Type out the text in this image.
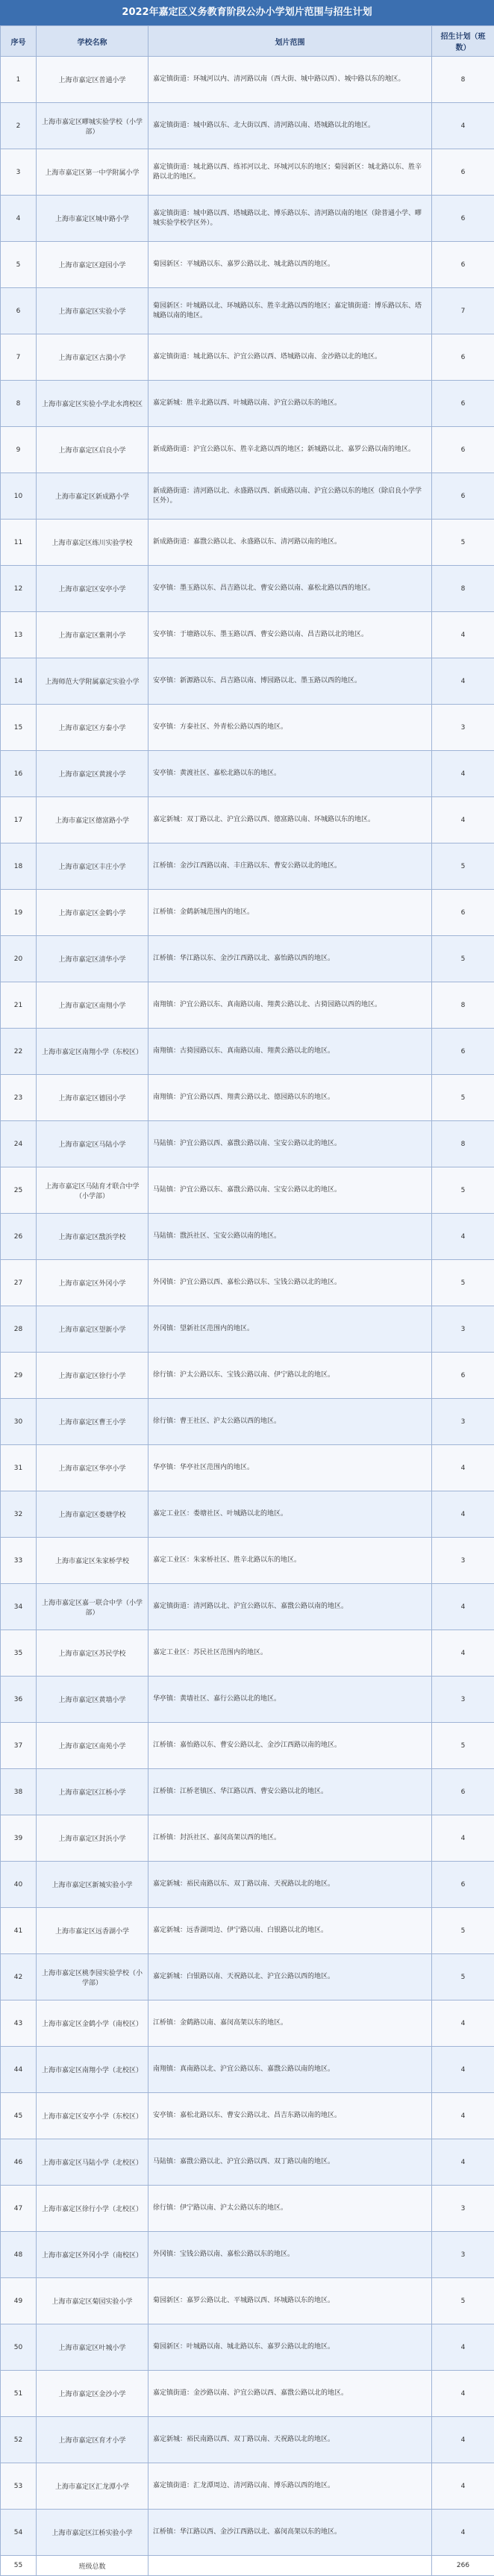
2022年嘉定区义务教育阶段公办小学划片范围与招生计划
序号	学校名称	划片范围	招生计划（班数）
1	上海市嘉定区普通小学	嘉定镇街道：环城河以内、清河路以南（西大街、城中路以西）、城中路以东的地区。	8
2	上海市嘉定区疁城实验学校（小学部）	嘉定镇街道：城中路以东、北大街以西、清河路以南、塔城路以北的地区。	4
3	上海市嘉定区第一中学附属小学	嘉定镇街道：城北路以西、练祁河以北、环城河以东的地区；菊园新区：城北路以东、胜辛路以北的地区。	6
4	上海市嘉定区城中路小学	嘉定镇街道：城中路以西、塔城路以北、博乐路以东、清河路以南的地区（除普通小学、疁城实验学校学区外）。	6
5	上海市嘉定区迎园小学	菊园新区：平城路以东、嘉罗公路以北、城北路以西的地区。	6
6	上海市嘉定区实验小学	菊园新区：叶城路以北、环城路以东、胜辛北路以西的地区；嘉定镇街道：博乐路以东、塔城路以南的地区。	7
7	上海市嘉定区古漪小学	嘉定镇街道：城北路以东、沪宜公路以西、塔城路以南、金沙路以北的地区。	6
8	上海市嘉定区实验小学北水湾校区	嘉定新城：胜辛北路以西、叶城路以南、沪宜公路以东的地区。	6
9	上海市嘉定区启良小学	新成路街道：沪宜公路以东、胜辛北路以西的地区；新城路以北、嘉罗公路以南的地区。	6
10	上海市嘉定区新成路小学	新成路街道：清河路以北、永盛路以西、新成路以南、沪宜公路以东的地区（除启良小学学区外）。	6
11	上海市嘉定区练川实验学校	新成路街道：嘉戬公路以北、永盛路以东、清河路以南的地区。	5
12	上海市嘉定区安亭小学	安亭镇：墨玉路以东、昌吉路以北、曹安公路以南、嘉松北路以西的地区。	8
13	上海市嘉定区紫荆小学	安亭镇：于塘路以东、墨玉路以西、曹安公路以南、昌吉路以北的地区。	4
14	上海师范大学附属嘉定实验小学	安亭镇：新源路以东、昌吉路以南、博园路以北、墨玉路以西的地区。	4
15	上海市嘉定区方泰小学	安亭镇：方泰社区、外青松公路以西的地区。	3
16	上海市嘉定区黄渡小学	安亭镇：黄渡社区、嘉松北路以东的地区。	4
17	上海市嘉定区德富路小学	嘉定新城：双丁路以北、沪宜公路以西、德富路以南、环城路以东的地区。	4
18	上海市嘉定区丰庄小学	江桥镇：金沙江西路以南、丰庄路以东、曹安公路以北的地区。	5
19	上海市嘉定区金鹤小学	江桥镇：金鹤新城范围内的地区。	6
20	上海市嘉定区清华小学	江桥镇：华江路以东、金沙江西路以北、嘉怡路以西的地区。	5
21	上海市嘉定区南翔小学	南翔镇：沪宜公路以东、真南路以南、翔黄公路以北、古猗园路以西的地区。	8
22	上海市嘉定区南翔小学（东校区）	南翔镇：古猗园路以东、真南路以南、翔黄公路以北的地区。	6
23	上海市嘉定区德园小学	南翔镇：沪宜公路以西、翔黄公路以北、德园路以东的地区。	5
24	上海市嘉定区马陆小学	马陆镇：沪宜公路以西、嘉戬公路以南、宝安公路以北的地区。	8
25	上海市嘉定区马陆育才联合中学（小学部）	马陆镇：沪宜公路以东、嘉戬公路以南、宝安公路以北的地区。	5
26	上海市嘉定区戬浜学校	马陆镇：戬浜社区、宝安公路以南的地区。	4
27	上海市嘉定区外冈小学	外冈镇：沪宜公路以西、嘉松公路以东、宝钱公路以北的地区。	5
28	上海市嘉定区望新小学	外冈镇：望新社区范围内的地区。	3
29	上海市嘉定区徐行小学	徐行镇：沪太公路以东、宝钱公路以南、伊宁路以北的地区。	6
30	上海市嘉定区曹王小学	徐行镇：曹王社区、沪太公路以西的地区。	3
31	上海市嘉定区华亭小学	华亭镇：华亭社区范围内的地区。	4
32	上海市嘉定区娄塘学校	嘉定工业区：娄塘社区、叶城路以北的地区。	4
33	上海市嘉定区朱家桥学校	嘉定工业区：朱家桥社区、胜辛北路以东的地区。	3
34	上海市嘉定区嘉一联合中学（小学部）	嘉定镇街道：清河路以北、沪宜公路以东、嘉戬公路以南的地区。	4
35	上海市嘉定区苏民学校	嘉定工业区：苏民社区范围内的地区。	4
36	上海市嘉定区黄墙小学	华亭镇：黄墙社区、嘉行公路以北的地区。	3
37	上海市嘉定区南苑小学	江桥镇：嘉怡路以东、曹安公路以北、金沙江西路以南的地区。	5
38	上海市嘉定区江桥小学	江桥镇：江桥老镇区、华江路以西、曹安公路以北的地区。	6
39	上海市嘉定区封浜小学	江桥镇：封浜社区、嘉闵高架以西的地区。	4
40	上海市嘉定区新城实验小学	嘉定新城：裕民南路以东、双丁路以南、天祝路以北的地区。	6
41	上海市嘉定区远香湖小学	嘉定新城：远香湖周边、伊宁路以南、白银路以北的地区。	5
42	上海市嘉定区桃李园实验学校（小学部）	嘉定新城：白银路以南、天祝路以北、沪宜公路以西的地区。	5
43	上海市嘉定区金鹤小学（南校区）	江桥镇：金鹤路以南、嘉闵高架以东的地区。	4
44	上海市嘉定区南翔小学（北校区）	南翔镇：真南路以北、沪宜公路以东、嘉戬公路以南的地区。	4
45	上海市嘉定区安亭小学（东校区）	安亭镇：嘉松北路以东、曹安公路以北、昌吉东路以南的地区。	4
46	上海市嘉定区马陆小学（北校区）	马陆镇：嘉戬公路以北、沪宜公路以西、双丁路以南的地区。	4
47	上海市嘉定区徐行小学（北校区）	徐行镇：伊宁路以南、沪太公路以东的地区。	3
48	上海市嘉定区外冈小学（南校区）	外冈镇：宝钱公路以南、嘉松公路以东的地区。	3
49	上海市嘉定区菊园实验小学	菊园新区：嘉罗公路以北、平城路以西、环城路以东的地区。	5
50	上海市嘉定区叶城小学	菊园新区：叶城路以南、城北路以东、嘉罗公路以北的地区。	4
51	上海市嘉定区金沙小学	嘉定镇街道：金沙路以南、沪宜公路以西、嘉戬公路以北的地区。	4
52	上海市嘉定区育才小学	嘉定新城：裕民南路以西、双丁路以南、天祝路以北的地区。	4
53	上海市嘉定区汇龙潭小学	嘉定镇街道：汇龙潭周边、清河路以南、博乐路以西的地区。	4
54	上海市嘉定区江桥实验小学	江桥镇：华江路以西、金沙江西路以北、嘉闵高架以东的地区。	4
55	班级总数		266
